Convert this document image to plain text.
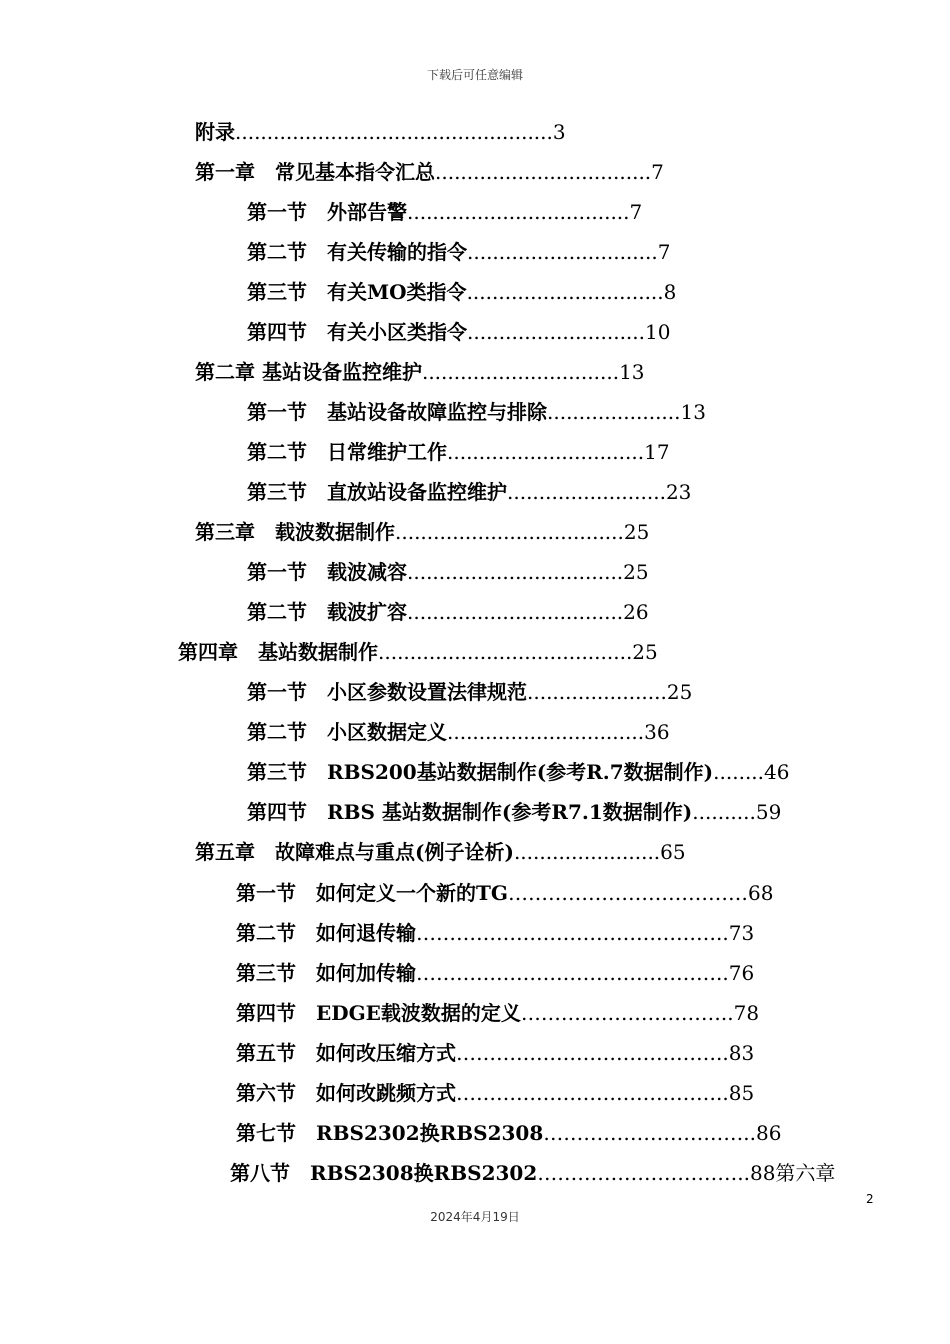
下载后可任意编辑
附录..................................................3
第一章　常见基本指令汇总..................................7
第一节　外部告警...................................7
第二节　有关传输的指令..............................7
第三节　有关MO类指令...............................8
第四节　有关小区类指令............................10
第二章 基站设备监控维护...............................13
第一节　基站设备故障监控与排除.....................13
第二节　日常维护工作...............................17
第三节　直放站设备监控维护.........................23
第三章　载波数据制作....................................25
第一节　载波减容..................................25
第二节　载波扩容..................................26
第四章　基站数据制作........................................25
第一节　小区参数设置法律规范......................25
第二节　小区数据定义...............................36
第三节　RBS200基站数据制作(参考R.7数据制作)........46
第四节　RBS 基站数据制作(参考R7.1数据制作)..........59
第五章　故障难点与重点(例子诠析).......................65
第一节　如何定义一个新的TG………………………………68
第二节　如何退传输………………………………………..73
第三节　如何加传输………………………………………..76
第四节　EDGE载波数据的定义…………………………..78
第五节　如何改压缩方式…………………………………..83
第六节　如何改跳频方式…………………………………..85
第七节　RBS2302换RBS2308…………………………..86
第八节　RBS2308换RBS2302…………………………..88第六章
2
2024年4月19日
